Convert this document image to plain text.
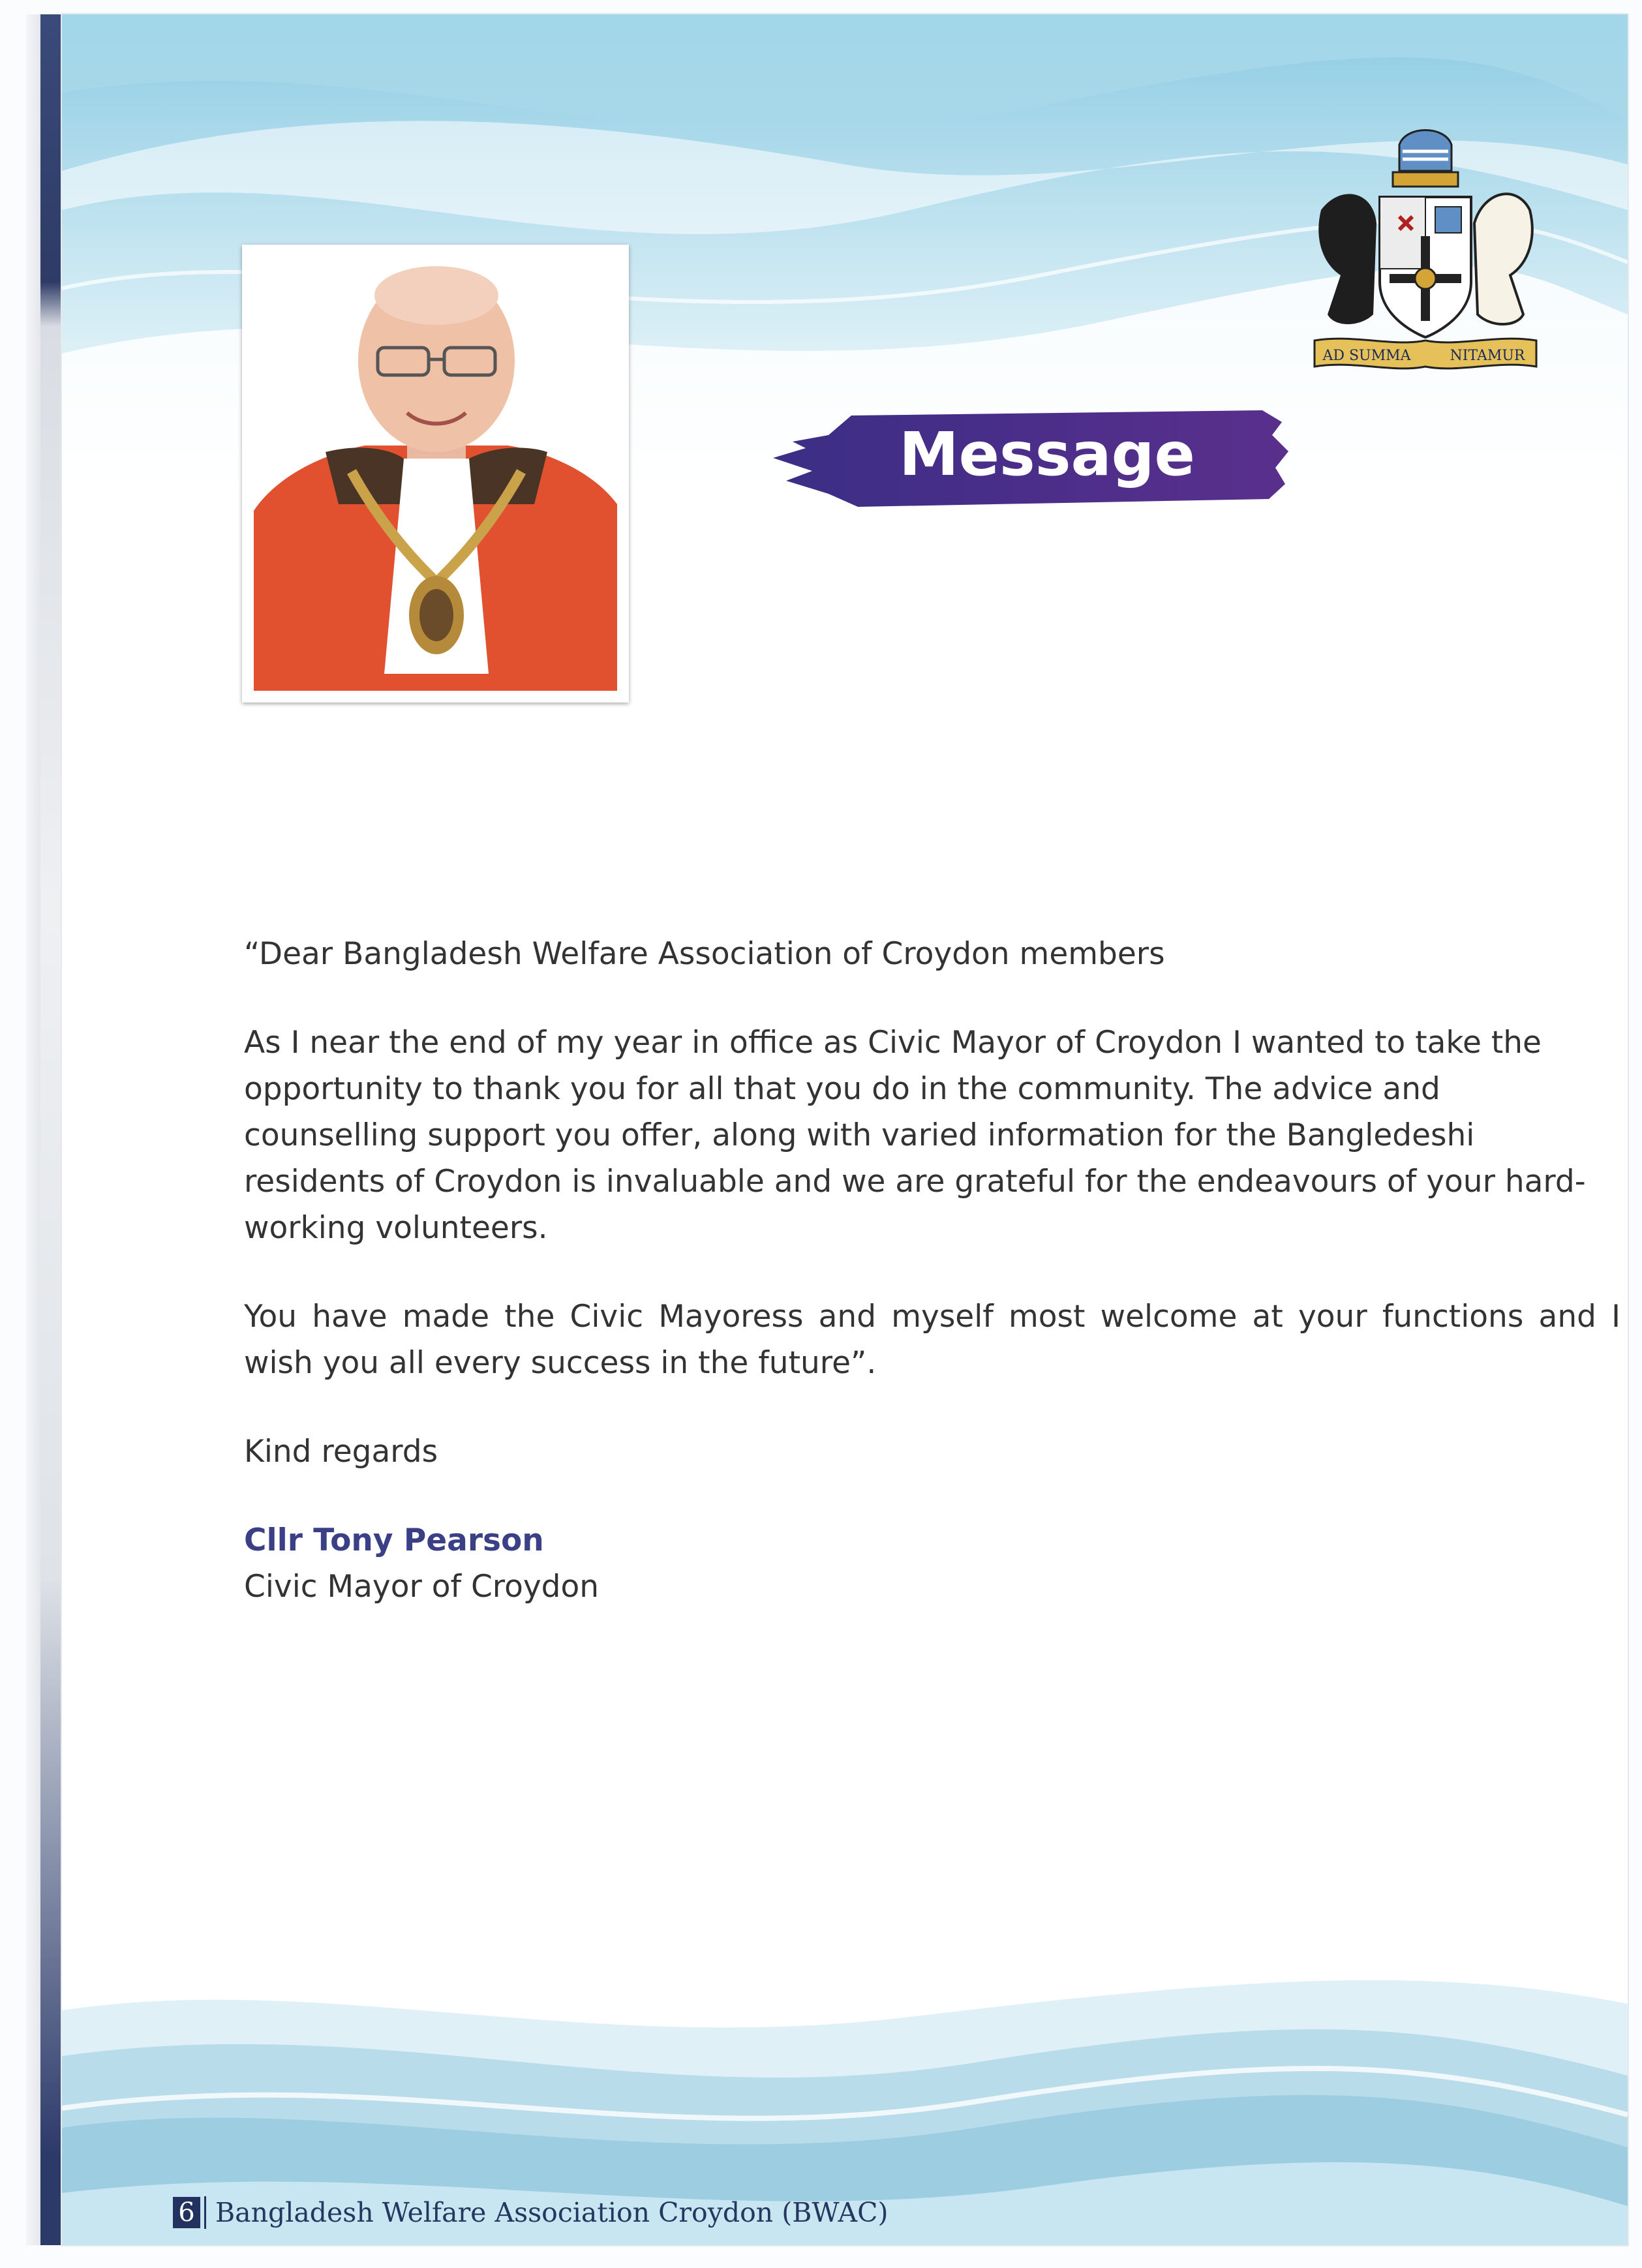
AD SUMMA	NITAMUR
Message

“Dear Bangladesh Welfare Association of Croydon members

As I near the end of my year in office as Civic Mayor of Croydon I wanted to take the opportunity to thank you for all that you do in the community. The advice and counselling support you offer, along with varied information for the Bangledeshi residents of Croydon is invaluable and we are grateful for the endeavours of your hard-working volunteers.

You have made the Civic Mayoress and myself most welcome at your functions and I wish you all every success in the future”.

Kind regards

Cllr Tony Pearson

Civic Mayor of Croydon

6 Bangladesh Welfare Association Croydon (BWAC)
